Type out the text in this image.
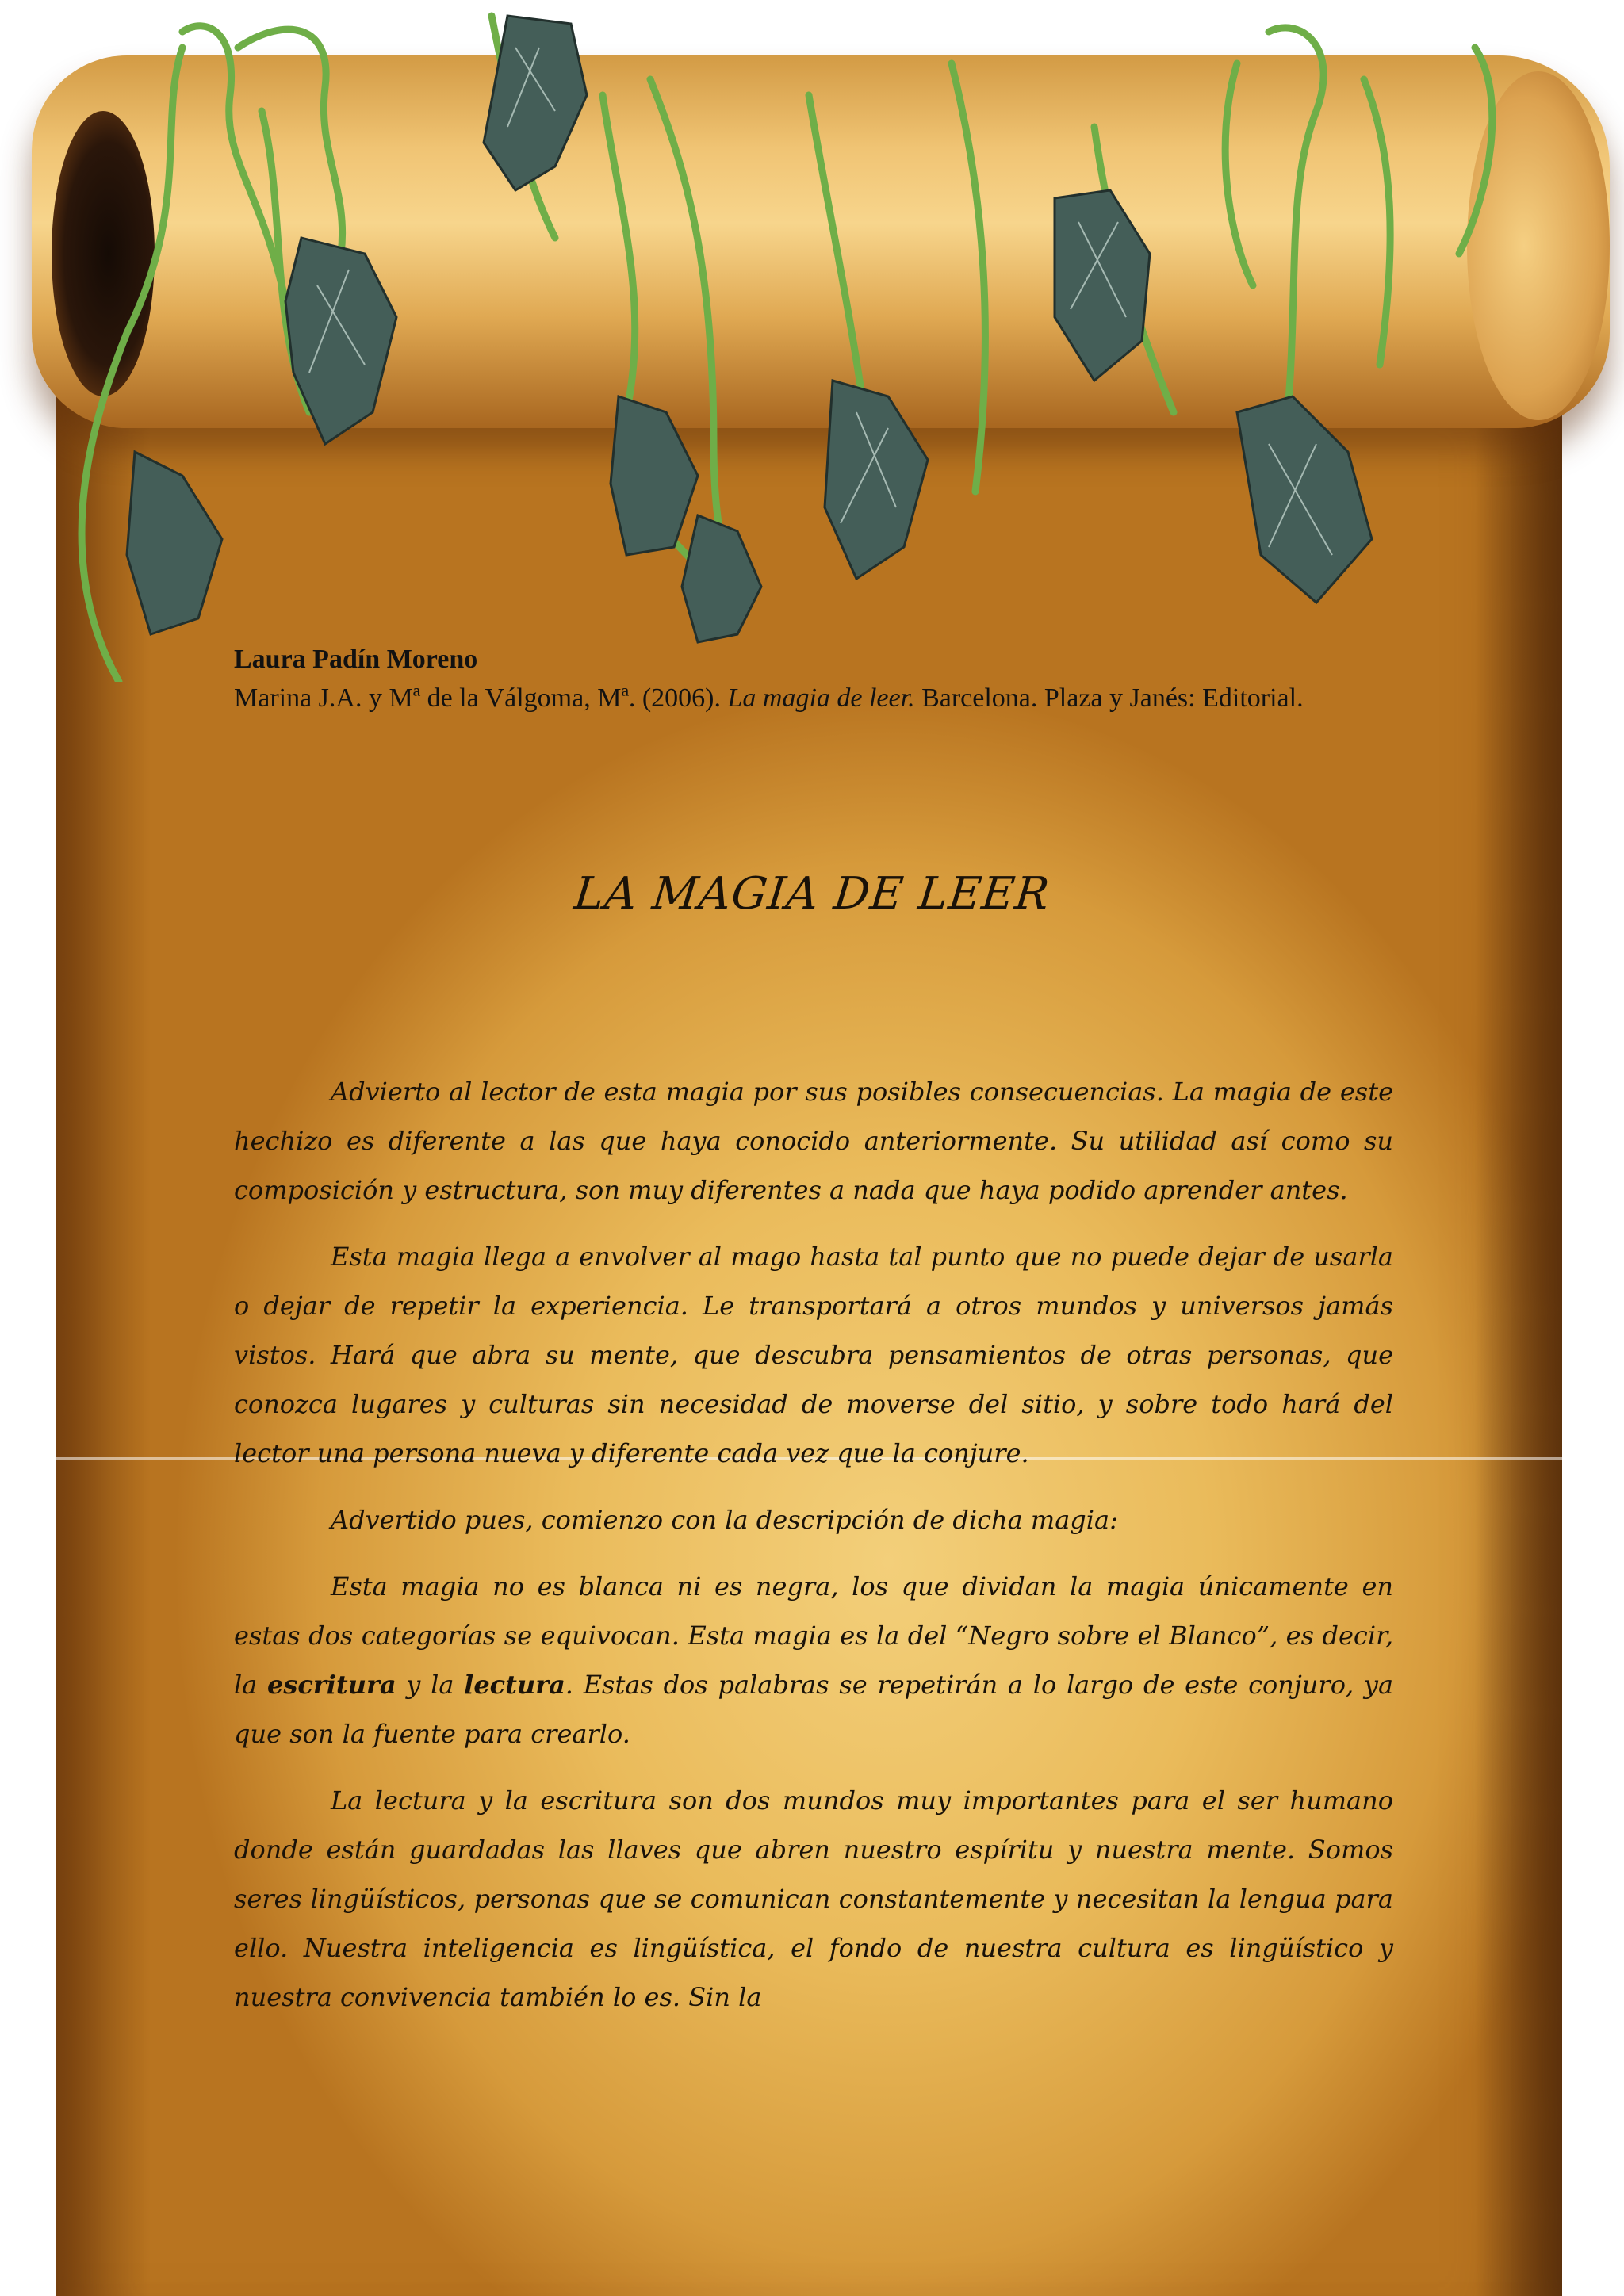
Laura Padín Moreno
Marina J.A. y Mª de la Válgoma, Mª. (2006). La magia de leer. Barcelona. Plaza y Janés: Editorial.
LA MAGIA DE LEER

Advierto al lector de esta magia por sus posibles consecuencias. La magia de este hechizo es diferente a las que haya conocido anteriormente. Su utilidad así como su composición y estructura, son muy diferentes a nada que haya podido aprender antes.

Esta magia llega a envolver al mago hasta tal punto que no puede dejar de usarla o dejar de repetir la experiencia. Le transportará a otros mundos y universos jamás vistos. Hará que abra su mente, que descubra pensamientos de otras personas, que conozca lugares y culturas sin necesidad de moverse del sitio, y sobre todo hará del lector una persona nueva y diferente cada vez que la conjure.

Advertido pues, comienzo con la descripción de dicha magia:

Esta magia no es blanca ni es negra, los que dividan la magia únicamente en estas dos categorías se equivocan. Esta magia es la del “Negro sobre el Blanco”, es decir, la escritura y la lectura. Estas dos palabras se repetirán a lo largo de este conjuro, ya que son la fuente para crearlo.

La lectura y la escritura son dos mundos muy importantes para el ser humano donde están guardadas las llaves que abren nuestro espíritu y nuestra mente. Somos seres lingüísticos, personas que se comunican constantemente y necesitan la lengua para ello. Nuestra inteligencia es lingüística, el fondo de nuestra cultura es lingüístico y nuestra convivencia también lo es. Sin la
